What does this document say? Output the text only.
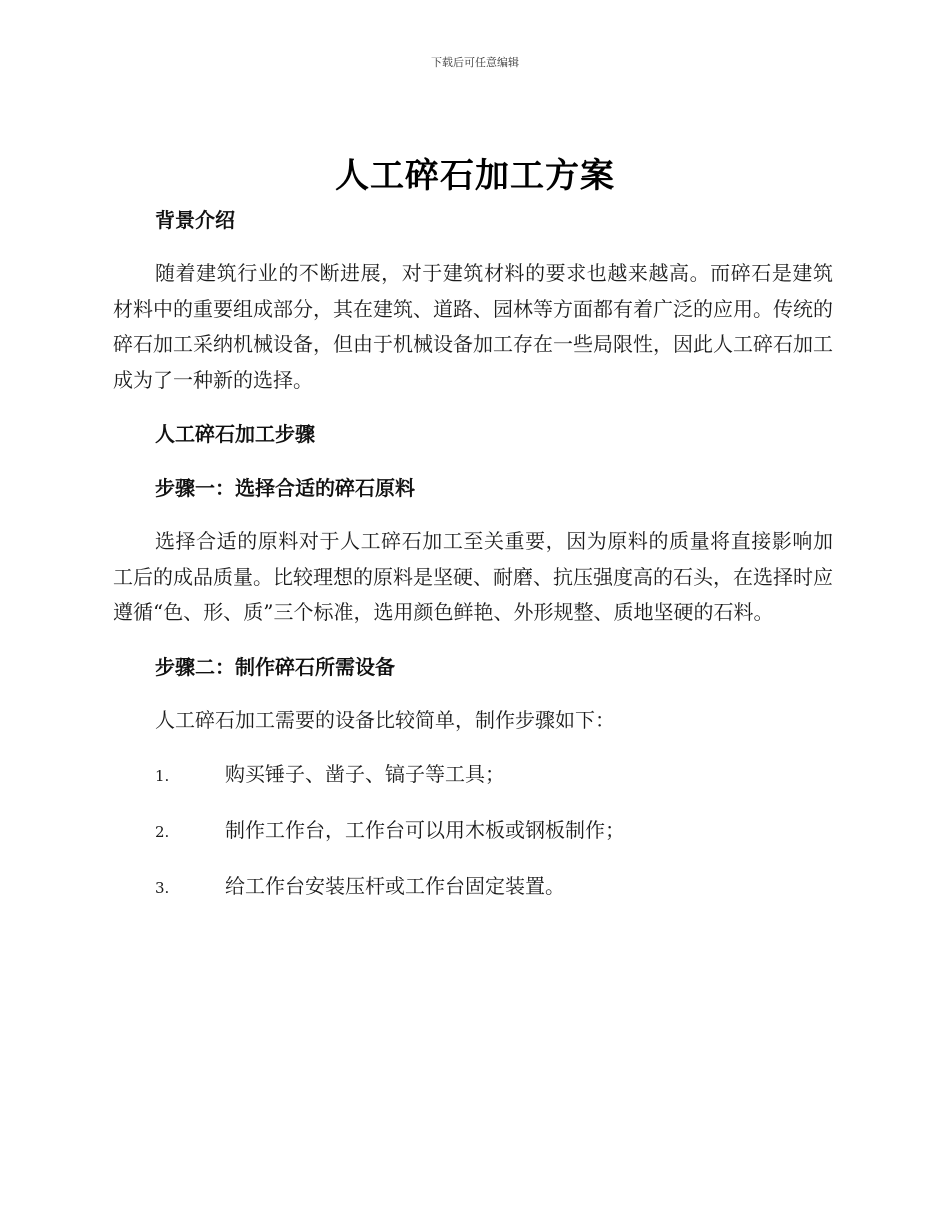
下载后可任意编辑
人工碎石加工方案

背景介绍

随着建筑行业的不断进展，对于建筑材料的要求也越来越高。而碎石是建筑材料中的重要组成部分，其在建筑、道路、园林等方面都有着广泛的应用。传统的碎石加工采纳机械设备，但由于机械设备加工存在一些局限性，因此人工碎石加工成为了一种新的选择。

人工碎石加工步骤

步骤一：选择合适的碎石原料

选择合适的原料对于人工碎石加工至关重要，因为原料的质量将直接影响加工后的成品质量。比较理想的原料是坚硬、耐磨、抗压强度高的石头，在选择时应遵循“色、形、质”三个标准，选用颜色鲜艳、外形规整、质地坚硬的石料。

步骤二：制作碎石所需设备

人工碎石加工需要的设备比较简单，制作步骤如下：

1.	购买锤子、凿子、镐子等工具；
2.	制作工作台，工作台可以用木板或钢板制作；
3.	给工作台安装压杆或工作台固定装置。
